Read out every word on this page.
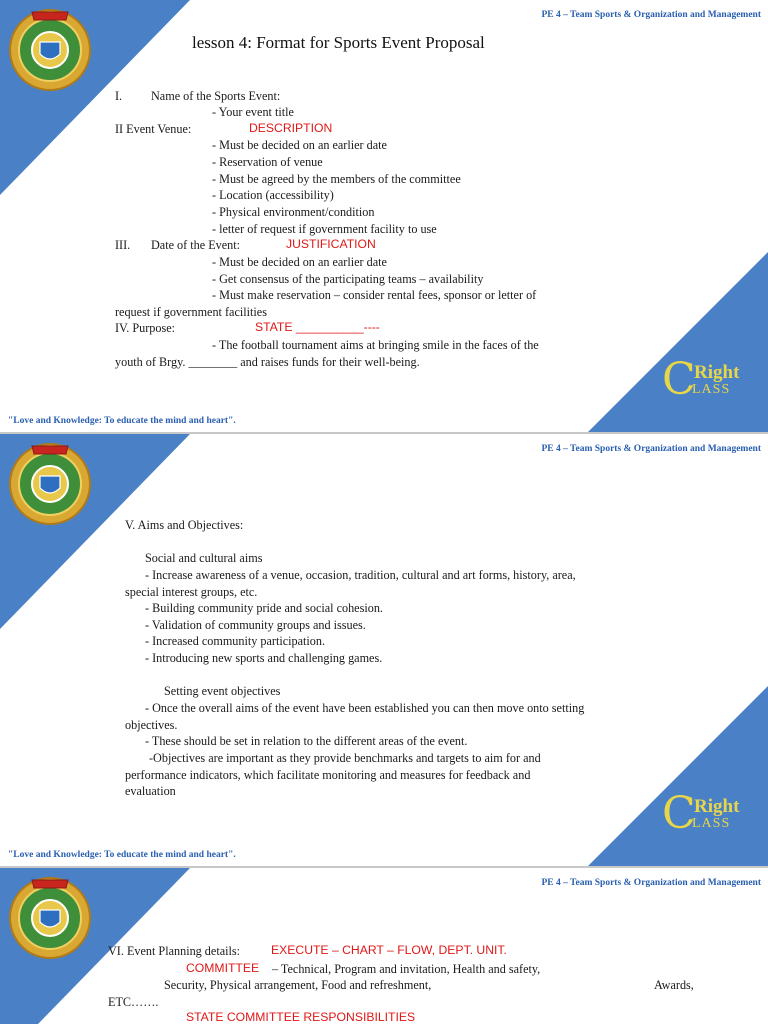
PE 4 – Team Sports & Organization and Management
lesson 4: Format for Sports Event Proposal
I. Name of the Sports Event:
- Your event title
II Event Venue:	DESCRIPTION
- Must be decided on an earlier date
- Reservation of venue
- Must be agreed by the members of the committee
- Location (accessibility)
- Physical environment/condition
- letter of request if government facility to use
III. Date of the Event:	JUSTIFICATION
- Must be decided on an earlier date
- Get consensus of the participating teams – availability
- Must make reservation – consider rental fees, sponsor or letter of
request if government facilities
IV. Purpose:	STATE __________----
- The football tournament aims at bringing smile in the faces of the
youth of Brgy. ________ and raises funds for their well-being.	C
Right
LASS
"Love and Knowledge: To educate the mind and heart".
PE 4 – Team Sports & Organization and Management
V. Aims and Objectives:
Social and cultural aims
- Increase awareness of a venue, occasion, tradition, cultural and art forms, history, area,
special interest groups, etc.
- Building community pride and social cohesion.
- Validation of community groups and issues.
- Increased community participation.
- Introducing new sports and challenging games.
Setting event objectives
- Once the overall aims of the event have been established you can then move onto setting
objectives.
- These should be set in relation to the different areas of the event.
-Objectives are important as they provide benchmarks and targets to aim for and
performance indicators, which facilitate monitoring and measures for feedback and
evaluation	C
Right
LASS
"Love and Knowledge: To educate the mind and heart".
PE 4 – Team Sports & Organization and Management
VI. Event Planning details:	EXECUTE – CHART – FLOW, DEPT. UNIT.
COMMITTEE – Technical, Program and invitation, Health and safety,
Security, Physical arrangement, Food and refreshment,	Awards,
ETC…….
STATE COMMITTEE RESPONSIBILITIES
